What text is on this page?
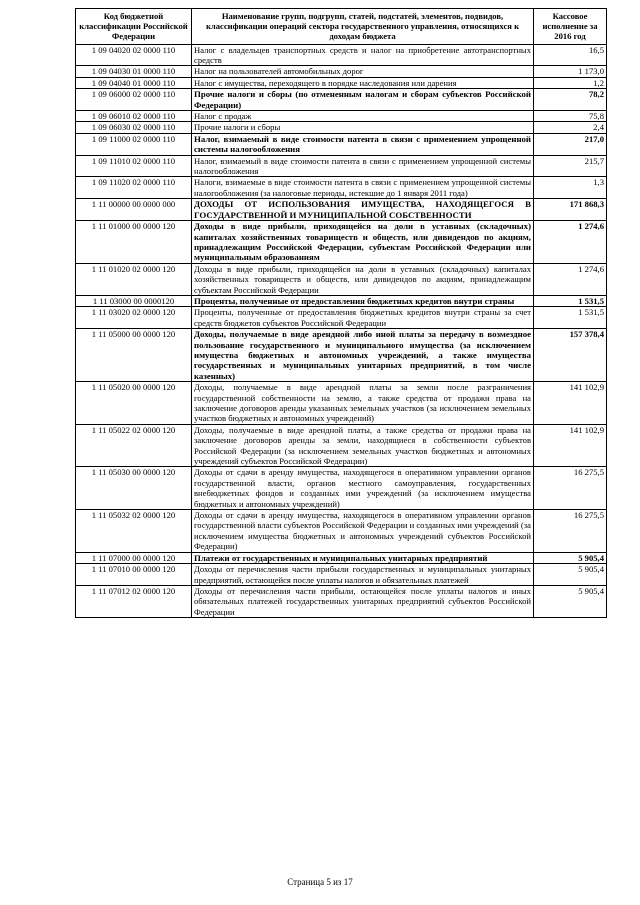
Код бюджетной классификации Российской Федерации	Наименование групп, подгрупп, статей, подстатей, элементов, подвидов, классификации операций сектора государственного управления, относящихся к доходам бюджета	Кассовое исполнение за 2016 год
1 09 04020 02 0000 110	Налог с владельцев транспортных средств и налог на приобретение автотранспортных средств	16,5
1 09 04030 01 0000 110	Налог на пользователей автомобильных дорог	1 173,0
1 09 04040 01 0000 110	Налог с имущества, переходящего в порядке наследования или дарения	1,2
1 09 06000 02 0000 110	Прочие налоги и сборы (по отмененным налогам и сборам субъектов Российской Федерации)	78,2
1 09 06010 02 0000 110	Налог с продаж	75,8
1 09 06030 02 0000 110	Прочие налоги и сборы	2,4
1 09 11000 02 0000 110	Налог, взимаемый в виде стоимости патента в связи с применением упрощенной системы налогообложения	217,0
1 09 11010 02 0000 110	Налог, взимаемый в виде стоимости патента в связи с применением упрощенной системы налогообложения	215,7
1 09 11020 02 0000 110	Налоги, взимаемые в виде стоимости патента в связи с применением упрощенной системы налогообложения (за налоговые периоды, истекшие до 1 января 2011 года)	1,3
1 11 00000 00 0000 000	ДОХОДЫ ОТ ИСПОЛЬЗОВАНИЯ ИМУЩЕСТВА, НАХОДЯЩЕГОСЯ В ГОСУДАРСТВЕННОЙ И МУНИЦИПАЛЬНОЙ СОБСТВЕННОСТИ	171 868,3
1 11 01000 00 0000 120	Доходы в виде прибыли, приходящейся на доли в уставных (складочных) капиталах хозяйственных товариществ и обществ, или дивидендов по акциям, принадлежащим Российской Федерации, субъектам Российской Федерации или муниципальным образованиям	1 274,6
1 11 01020 02 0000 120	Доходы в виде прибыли, приходящейся на доли в уставных (складочных) капиталах хозяйственных товариществ и обществ, или дивидендов по акциям, принадлежащим субъектам Российской Федерации	1 274,6
1 11 03000 00 0000120	Проценты, полученные от предоставления бюджетных кредитов внутри страны	1 531,5
1 11 03020 02 0000 120	Проценты, полученные от предоставления бюджетных кредитов внутри страны за счет средств бюджетов субъектов Российской Федерации	1 531,5
1 11 05000 00 0000 120	Доходы, получаемые в виде арендной либо иной платы за передачу в возмездное пользование государственного и муниципального имущества (за исключением имущества бюджетных и автономных учреждений, а также имущества государственных и муниципальных унитарных предприятий, в том числе казенных)	157 378,4
1 11 05020 00 0000 120	Доходы, получаемые в виде арендной платы за земли после разграничения государственной собственности на землю, а также средства от продажи права на заключение договоров аренды указанных земельных участков (за исключением земельных участков бюджетных и автономных учреждений)	141 102,9
1 11 05022 02 0000 120	Доходы, получаемые в виде арендной платы, а также средства от продажи права на заключение договоров аренды за земли, находящиеся в собственности субъектов Российской Федерации (за исключением земельных участков бюджетных и автономных учреждений субъектов Российской Федерации)	141 102,9
1 11 05030 00 0000 120	Доходы от сдачи в аренду имущества, находящегося в оперативном управлении органов государственной власти, органов местного самоуправления, государственных внебюджетных фондов и созданных ими учреждений (за исключением имущества бюджетных и автономных учреждений)	16 275,5
1 11 05032 02 0000 120	Доходы от сдачи в аренду имущества, находящегося в оперативном управлении органов государственной власти субъектов Российской Федерации и созданных ими учреждений (за исключением имущества бюджетных и автономных учреждений субъектов Российской Федерации)	16 275,5
1 11 07000 00 0000 120	Платежи от государственных и муниципальных унитарных предприятий	5 905,4
1 11 07010 00 0000 120	Доходы от перечисления части прибыли государственных и муниципальных унитарных предприятий, остающейся после уплаты налогов и обязательных платежей	5 905,4
1 11 07012 02 0000 120	Доходы от перечисления части прибыли, остающейся после уплаты налогов и иных обязательных платежей государственных унитарных предприятий субъектов Российской Федерации	5 905,4
Страница 5 из 17
